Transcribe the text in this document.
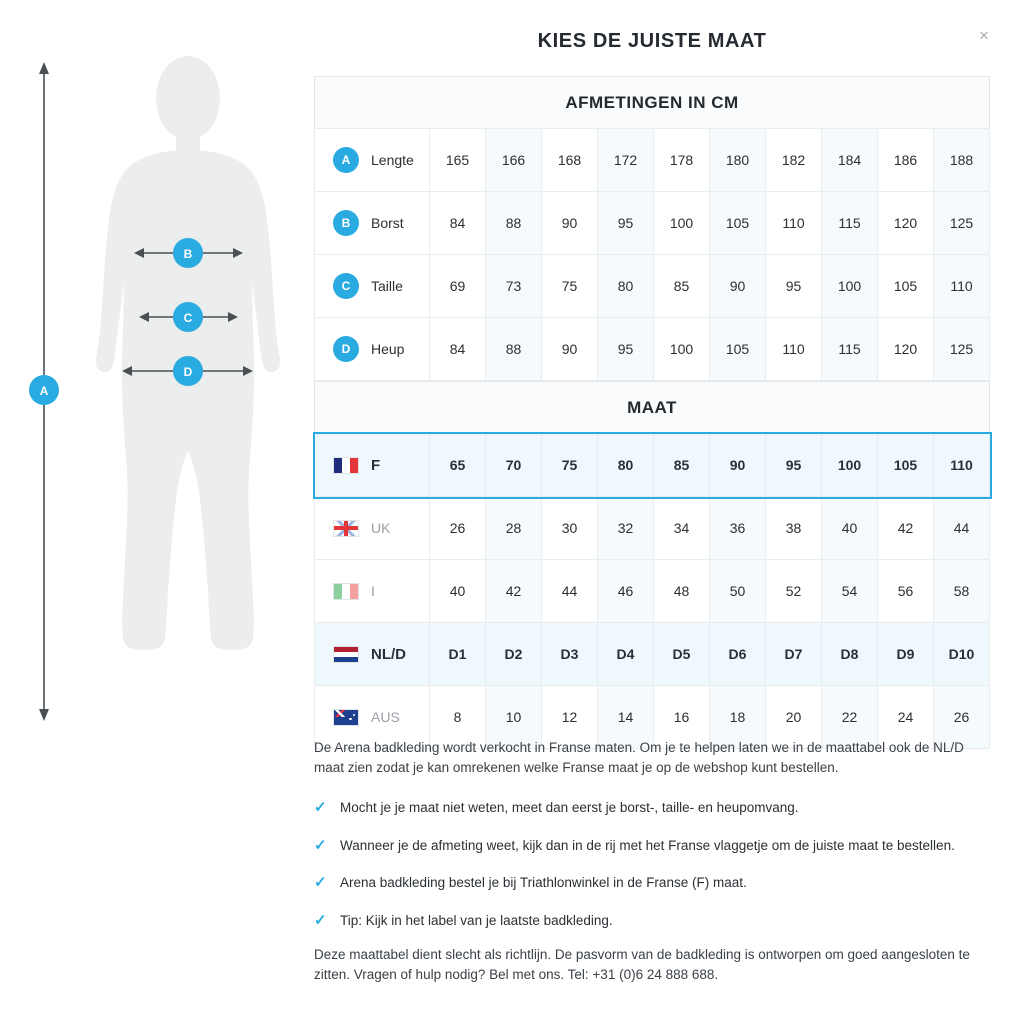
×
KIES DE JUISTE MAAT
A
B
C
D
AFMETINGEN IN CM
A Lengte	165	166	168	172	178	180	182	184	186	188

B Borst	84	88	90	95	100	105	110	115	120	125

C Taille	69	73	75	80	85	90	95	100	105	110

D Heup	84	88	90	95	100	105	110	115	120	125
MAAT
F	65	70	75	80	85	90	95	100	105	110

UK	26	28	30	32	34	36	38	40	42	44

I	40	42	44	46	48	50	52	54	56	58

NL/D	D1	D2	D3	D4	D5	D6	D7	D8	D9	D10

AUS	8	10	12	14	16	18	20	22	24	26
De Arena badkleding wordt verkocht in Franse maten. Om je te helpen laten we in de maattabel ook de NL/D maat zien zodat je kan omrekenen welke Franse maat je op de webshop kunt bestellen.
✓ Mocht je je maat niet weten, meet dan eerst je borst-, taille- en heupomvang.
✓ Wanneer je de afmeting weet, kijk dan in de rij met het Franse vlaggetje om de juiste maat te bestellen.
✓ Arena badkleding bestel je bij Triathlonwinkel in de Franse (F) maat.
✓ Tip: Kijk in het label van je laatste badkleding.
Deze maattabel dient slecht als richtlijn. De pasvorm van de badkleding is ontworpen om goed aangesloten te zitten. Vragen of hulp nodig? Bel met ons. Tel: +31 (0)6 24 888 688.
